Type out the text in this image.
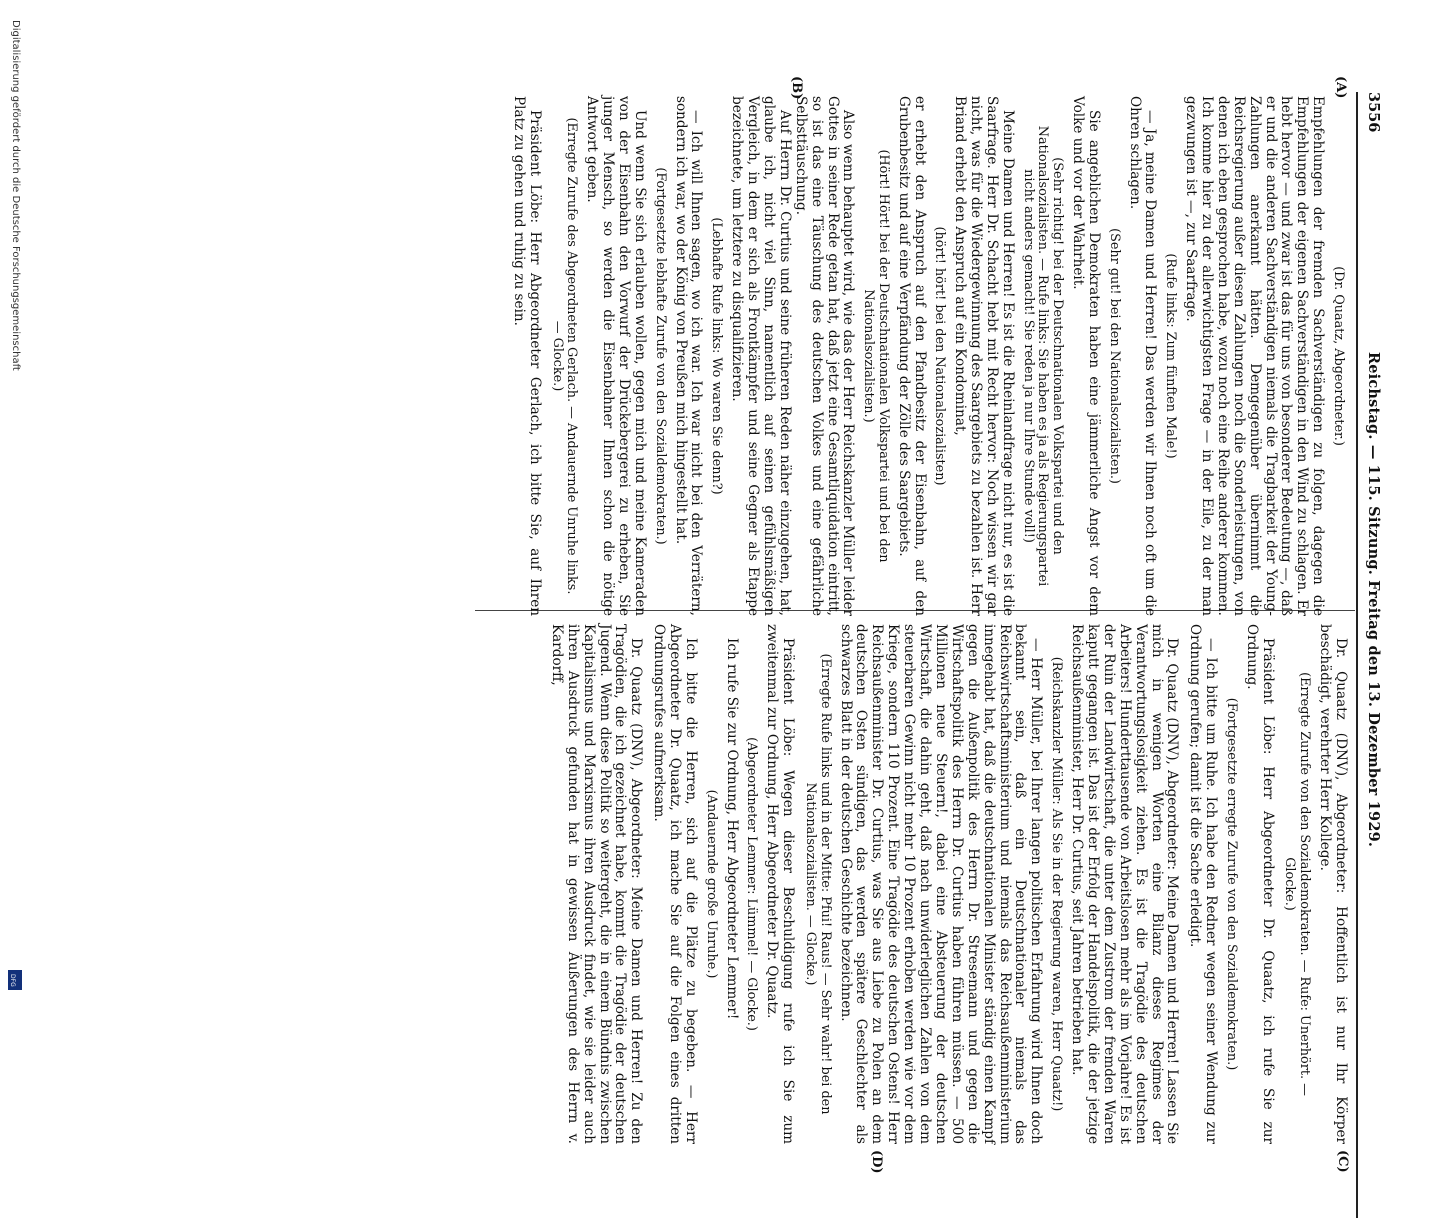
3556
Reichstag. — 115. Sitzung. Freitag den 13. Dezember 1929.
(A)
(B)
(C)
(D)

(Dr. Quaatz, Abgeordneter.)

Empfehlungen der fremden Sachverständigen zu folgen, dagegen die Empfehlungen der eigenen Sachverständigen in den Wind zu schlagen. Er hebt hervor — und zwar ist das für uns von besonderer Bedeutung —, daß er und die anderen Sachverständigen niemals die Tragbarkeit der Young-Zahlungen anerkannt hätten. Demgegenüber übernimmt die Reichsregierung außer diesen Zahlungen noch die Sonderleistungen, von denen ich eben gesprochen habe, wozu noch eine Reihe anderer kommen. Ich komme hier zu der allerwichtigsten Frage — in der Eile, zu der man gezwungen ist —, zur Saarfrage.

(Rufe links: Zum fünften Male!)

— Ja, meine Damen und Herren! Das werden wir Ihnen noch oft um die Ohren schlagen.

(Sehr gut! bei den Nationalsozialisten.)

Sie angeblichen Demokraten haben eine jämmerliche Angst vor dem Volke und vor der Wahrheit.

(Sehr richtig! bei der Deutschnationalen Volkspartei und den Nationalsozialisten. — Rufe links: Sie haben es ja als Regierungspartei nicht anders gemacht! Sie reden ja nur Ihre Stunde voll!)

Meine Damen und Herren! Es ist die Rheinlandfrage nicht nur, es ist die Saarfrage. Herr Dr. Schacht hebt mit Recht hervor: Noch wissen wir gar nicht, was für die Wiedergewinnung des Saargebiets zu bezahlen ist. Herr Briand erhebt den Anspruch auf ein Kondominat,

(hört! hört! bei den Nationalsozialisten)

er erhebt den Anspruch auf den Pfandbesitz der Eisenbahn, auf den Grubenbesitz und auf eine Verpfändung der Zölle des Saargebiets.

(Hört! Hört! bei der Deutschnationalen Volkspartei und bei den Nationalsozialisten.)

Also wenn behauptet wird, wie das der Herr Reichskanzler Müller leider Gottes in seiner Rede getan hat, daß jetzt eine Gesamtliquidation eintritt, so ist das eine Täuschung des deutschen Volkes und eine gefährliche Selbsttäuschung.

Auf Herrn Dr. Curtius und seine früheren Reden näher einzugehen, hat, glaube ich, nicht viel Sinn, namentlich auf seinen gefühlsmäßigen Vergleich, in dem er sich als Frontkämpfer und seine Gegner als Etappe bezeichnete, um letztere zu disqualifizieren.

(Lebhafte Rufe links: Wo waren Sie denn?)

— Ich will Ihnen sagen, wo ich war. Ich war nicht bei den Verrätern, sondern ich war, wo der König von Preußen mich hingestellt hat.

(Fortgesetzte lebhafte Zurufe von den Sozialdemokraten.)

Und wenn Sie sich erlauben wollen, gegen mich und meine Kameraden von der Eisenbahn den Vorwurf der Drückebergerei zu erheben, Sie junger Mensch, so werden die Eisenbahner Ihnen schon die nötige Antwort geben.

(Erregte Zurufe des Abgeordneten Gerlach. — Andauernde Unruhe links. — Glocke.)

Präsident Löbe: Herr Abgeordneter Gerlach, ich bitte Sie, auf Ihren Platz zu gehen und ruhig zu sein.

Dr. Quaatz (DNV), Abgeordneter: Hoffentlich ist nur Ihr Körper beschädigt, verehrter Herr Kollege.

(Erregte Zurufe von den Sozialdemokraten. — Rufe: Unerhört. — Glocke.)

Präsident Löbe: Herr Abgeordneter Dr. Quaatz, ich rufe Sie zur Ordnung.

(Fortgesetzte erregte Zurufe von den Sozialdemokraten.)

— Ich bitte um Ruhe. Ich habe den Redner wegen seiner Wendung zur Ordnung gerufen; damit ist die Sache erledigt.

Dr. Quaatz (DNV), Abgeordneter: Meine Damen und Herren! Lassen Sie mich in wenigen Worten eine Bilanz dieses Regimes der Verantwortungslosigkeit ziehen. Es ist die Tragödie des deutschen Arbeiters! Hunderttausende von Arbeitslosen mehr als im Vorjahre! Es ist der Ruin der Landwirtschaft, die unter dem Zustrom der fremden Waren kaputt gegangen ist. Das ist der Erfolg der Handelspolitik, die der jetzige Reichsaußenminister, Herr Dr. Curtius, seit Jahren betrieben hat.

(Reichskanzler Müller: Als Sie in der Regierung waren, Herr Quaatz!)

— Herr Müller, bei Ihrer langen politischen Erfahrung wird Ihnen doch bekannt sein, daß ein Deutschnationaler niemals das Reichswirtschaftsministerium und niemals das Reichsaußenministerium innegehabt hat, daß die deutschnationalen Minister ständig einen Kampf gegen die Außenpolitik des Herrn Dr. Stresemann und gegen die Wirtschaftspolitik des Herrn Dr. Curtius haben führen müssen. — 500 Millionen neue Steuern!, dabei eine Absteuerung der deutschen Wirtschaft, die dahin geht, daß nach unwiderleglichen Zahlen von dem steuerbaren Gewinn nicht mehr 10 Prozent erhoben werden wie vor dem Kriege, sondern 110 Prozent. Eine Tragödie des deutschen Ostens! Herr Reichsaußenminister Dr. Curtius, was Sie aus Liebe zu Polen an dem deutschen Osten sündigen, das werden spätere Geschlechter als schwarzes Blatt in der deutschen Geschichte bezeichnen.

(Erregte Rufe links und in der Mitte: Pfui! Raus! — Sehr wahr! bei den Nationalsozialisten. — Glocke.)

Präsident Löbe: Wegen dieser Beschuldigung rufe ich Sie zum zweitenmal zur Ordnung, Herr Abgeordneter Dr. Quaatz.

(Abgeordneter Lemmer: Lümmel! — Glocke.)

Ich rufe Sie zur Ordnung, Herr Abgeordneter Lemmer!

(Andauernde große Unruhe.)

Ich bitte die Herren, sich auf die Plätze zu begeben. — Herr Abgeordneter Dr. Quaatz, ich mache Sie auf die Folgen eines dritten Ordnungsrufes aufmerksam.

Dr. Quaatz (DNV), Abgeordneter: Meine Damen und Herren! Zu den Tragödien, die ich gezeichnet habe, kommt die Tragödie der deutschen Jugend. Wenn diese Politik so weitergeht, die in einem Bündnis zwischen Kapitalismus und Marxismus ihren Ausdruck findet, wie sie leider auch ihren Ausdruck gefunden hat in gewissen Äußerungen des Herrn v. Kardorff,

Digitalisierung gefördert durch die Deutsche Forschungsgemeinschaft
DFG
